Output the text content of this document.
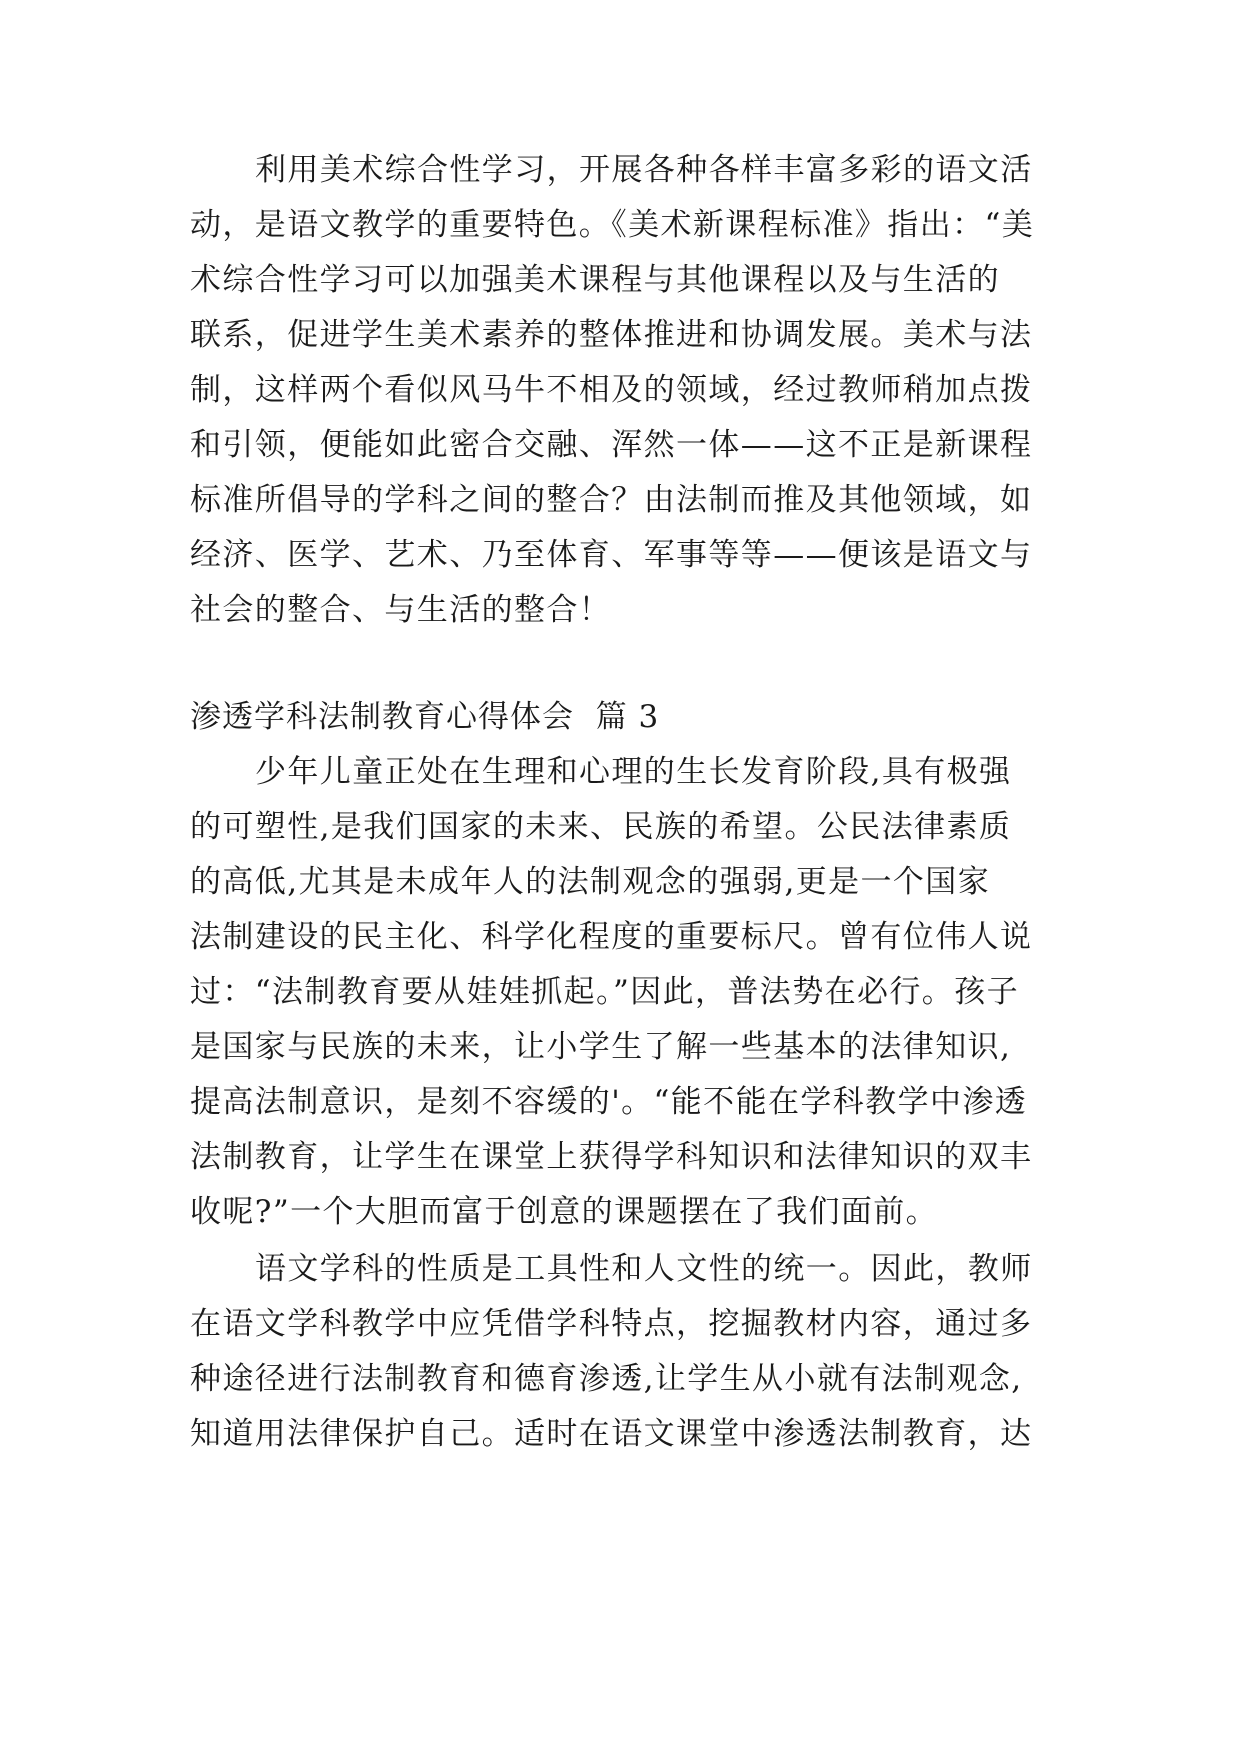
利用美术综合性学习，开展各种各样丰富多彩的语文活
动，是语文教学的重要特色。《美术新课程标准》指出：“美
术综合性学习可以加强美术课程与其他课程以及与生活的
联系，促进学生美术素养的整体推进和协调发展。美术与法
制，这样两个看似风马牛不相及的领域，经过教师稍加点拨
和引领，便能如此密合交融、浑然一体——这不正是新课程
标准所倡导的学科之间的整合？由法制而推及其他领域，如
经济、医学、艺术、乃至体育、军事等等——便该是语文与
社会的整合、与生活的整合！
渗透学科法制教育心得体会  篇 3
少年儿童正处在生理和心理的生长发育阶段,具有极强
的可塑性,是我们国家的未来、民族的希望。公民法律素质
的高低,尤其是未成年人的法制观念的强弱,更是一个国家
法制建设的民主化、科学化程度的重要标尺。曾有位伟人说
过：“法制教育要从娃娃抓起。”因此，普法势在必行。孩子
是国家与民族的未来，让小学生了解一些基本的法律知识,
提高法制意识，是刻不容缓的'。“能不能在学科教学中渗透
法制教育，让学生在课堂上获得学科知识和法律知识的双丰
收呢?”一个大胆而富于创意的课题摆在了我们面前。
语文学科的性质是工具性和人文性的统一。因此，教师
在语文学科教学中应凭借学科特点，挖掘教材内容，通过多
种途径进行法制教育和德育渗透,让学生从小就有法制观念,
知道用法律保护自己。适时在语文课堂中渗透法制教育，达
